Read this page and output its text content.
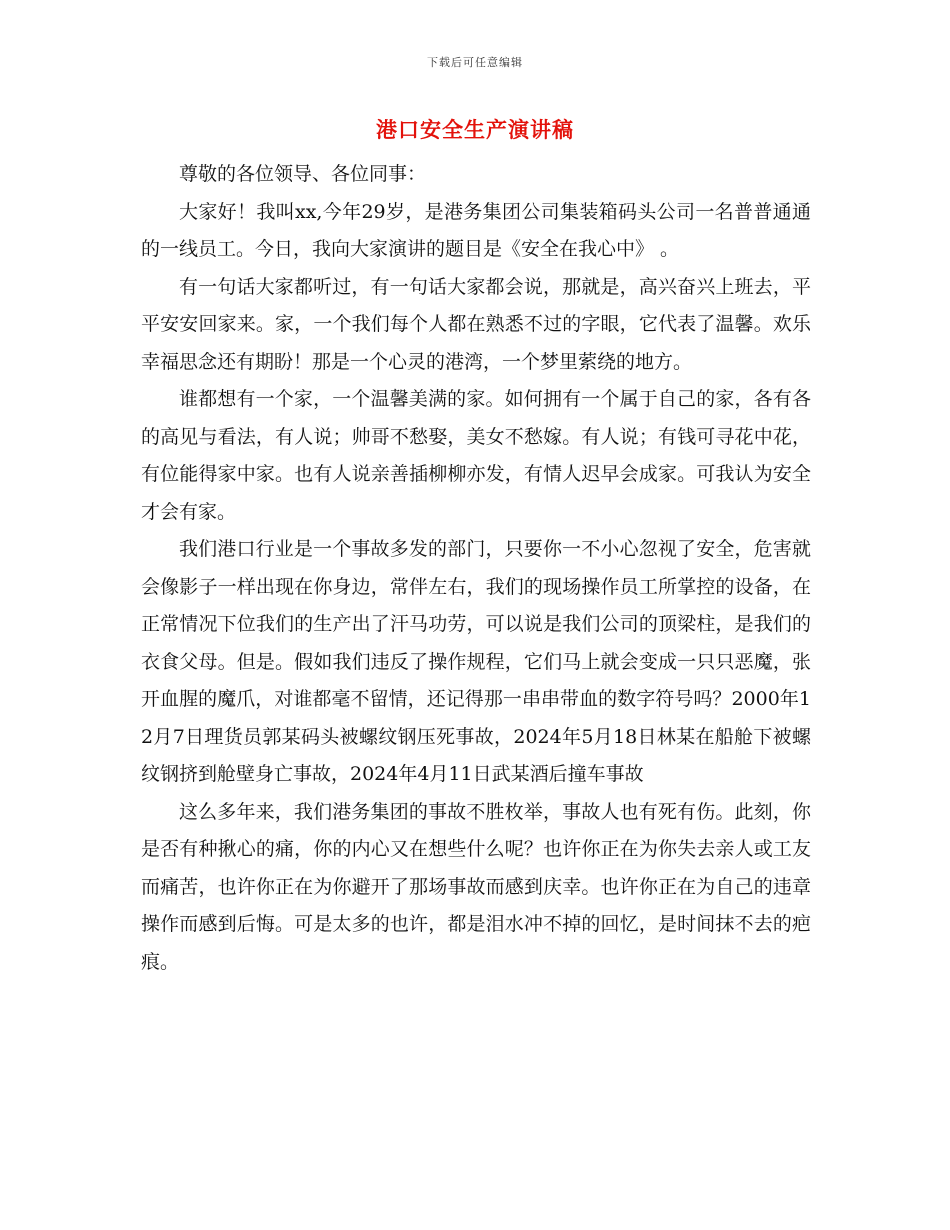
下载后可任意编辑
港口安全生产演讲稿

尊敬的各位领导、各位同事：

大家好！我叫xx,今年29岁，是港务集团公司集装箱码头公司一名普普通通的一线员工。今日，我向大家演讲的题目是《安全在我心中》 。

有一句话大家都听过，有一句话大家都会说，那就是，高兴奋兴上班去，平平安安回家来。家，一个我们每个人都在熟悉不过的字眼，它代表了温馨。欢乐幸福思念还有期盼！那是一个心灵的港湾，一个梦里萦绕的地方。

谁都想有一个家，一个温馨美满的家。如何拥有一个属于自己的家，各有各的高见与看法，有人说；帅哥不愁娶，美女不愁嫁。有人说；有钱可寻花中花，有位能得家中家。也有人说亲善插柳柳亦发，有情人迟早会成家。可我认为安全才会有家。

我们港口行业是一个事故多发的部门，只要你一不小心忽视了安全，危害就会像影子一样出现在你身边，常伴左右，我们的现场操作员工所掌控的设备，在正常情况下位我们的生产出了汗马功劳，可以说是我们公司的顶梁柱，是我们的衣食父母。但是。假如我们违反了操作规程，它们马上就会变成一只只恶魔，张开血腥的魔爪，对谁都毫不留情，还记得那一串串带血的数字符号吗？2000年12月7日理货员郭某码头被螺纹钢压死事故，2024年5月18日林某在船舱下被螺纹钢挤到舱壁身亡事故，2024年4月11日武某酒后撞车事故

这么多年来，我们港务集团的事故不胜枚举，事故人也有死有伤。此刻，你是否有种揪心的痛，你的内心又在想些什么呢？也许你正在为你失去亲人或工友而痛苦，也许你正在为你避开了那场事故而感到庆幸。也许你正在为自己的违章操作而感到后悔。可是太多的也许，都是泪水冲不掉的回忆，是时间抹不去的疤痕。
